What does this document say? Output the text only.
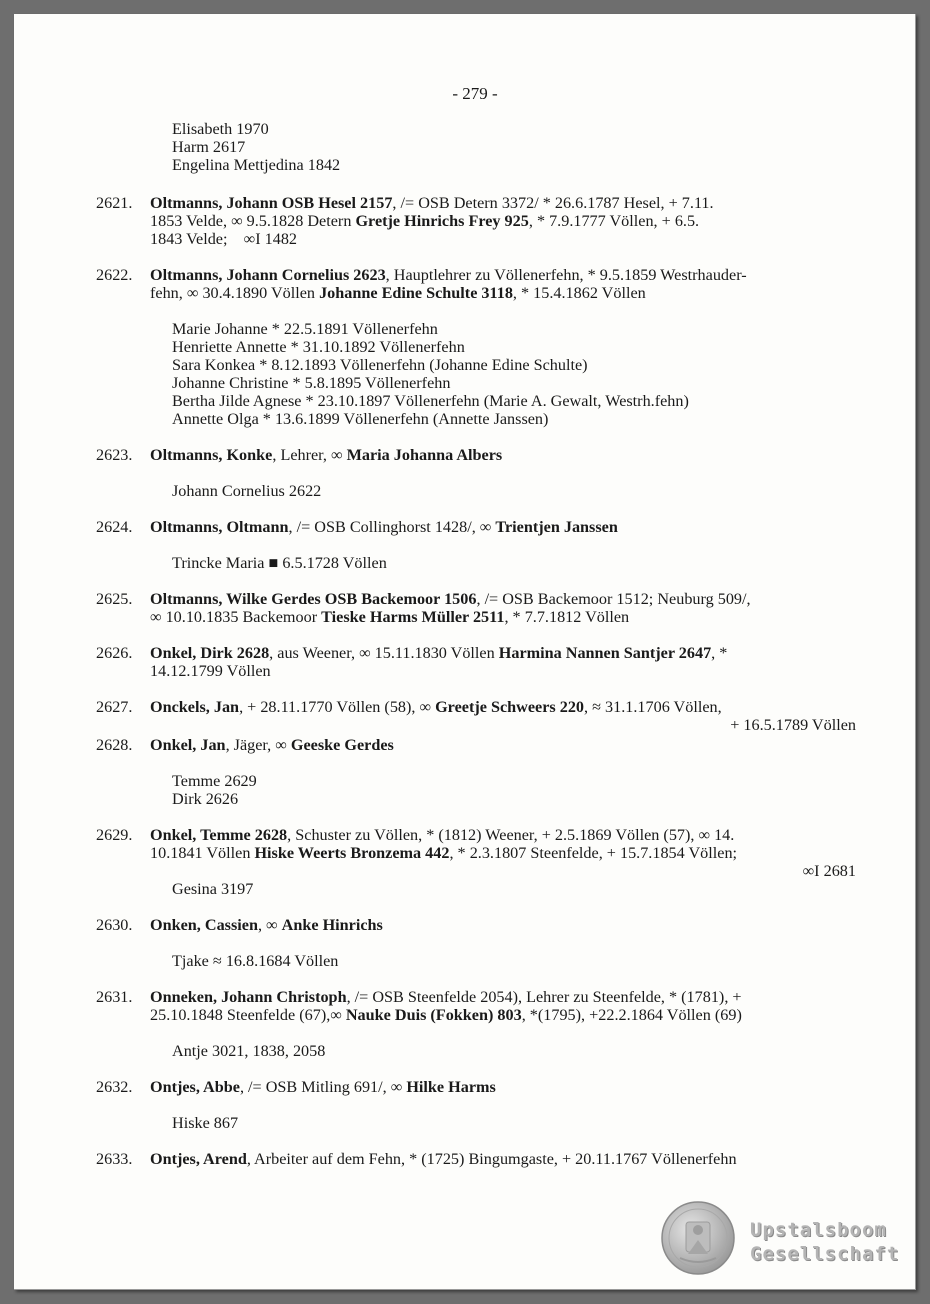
- 279 -
Elisabeth 1970
Harm 2617
Engelina Mettjedina 1842
2621. Oltmanns, Johann OSB Hesel 2157, /= OSB Detern 3372/ * 26.6.1787 Hesel, + 7.11.
1853 Velde, ∞ 9.5.1828 Detern Gretje Hinrichs Frey 925, * 7.9.1777 Völlen, + 6.5.
1843 Velde;    ∞I 1482
2622. Oltmanns, Johann Cornelius 2623, Hauptlehrer zu Völlenerfehn, * 9.5.1859 Westrhauder-
fehn, ∞ 30.4.1890 Völlen Johanne Edine Schulte 3118, * 15.4.1862 Völlen
Marie Johanne * 22.5.1891 Völlenerfehn
Henriette Annette * 31.10.1892 Völlenerfehn
Sara Konkea * 8.12.1893 Völlenerfehn (Johanne Edine Schulte)
Johanne Christine * 5.8.1895 Völlenerfehn
Bertha Jilde Agnese * 23.10.1897 Völlenerfehn (Marie A. Gewalt, Westrh.fehn)
Annette Olga * 13.6.1899 Völlenerfehn (Annette Janssen)
2623. Oltmanns, Konke, Lehrer, ∞ Maria Johanna Albers
Johann Cornelius 2622
2624. Oltmanns, Oltmann, /= OSB Collinghorst 1428/, ∞ Trientjen Janssen
Trincke Maria ■ 6.5.1728 Völlen
2625. Oltmanns, Wilke Gerdes OSB Backemoor 1506, /= OSB Backemoor 1512; Neuburg 509/,
∞ 10.10.1835 Backemoor Tieske Harms Müller 2511, * 7.7.1812 Völlen
2626. Onkel, Dirk 2628, aus Weener, ∞ 15.11.1830 Völlen Harmina Nannen Santjer 2647, *
14.12.1799 Völlen
2627. Onckels, Jan, + 28.11.1770 Völlen (58), ∞ Greetje Schweers 220, ≈ 31.1.1706 Völlen,
+ 16.5.1789 Völlen
2628. Onkel, Jan, Jäger, ∞ Geeske Gerdes
Temme 2629
Dirk 2626
2629. Onkel, Temme 2628, Schuster zu Völlen, * (1812) Weener, + 2.5.1869 Völlen (57), ∞ 14.
10.1841 Völlen Hiske Weerts Bronzema 442, * 2.3.1807 Steenfelde, + 15.7.1854 Völlen;
∞I 2681
Gesina 3197
2630. Onken, Cassien, ∞ Anke Hinrichs
Tjake ≈ 16.8.1684 Völlen
2631. Onneken, Johann Christoph, /= OSB Steenfelde 2054), Lehrer zu Steenfelde, * (1781), +
25.10.1848 Steenfelde (67),∞ Nauke Duis (Fokken) 803, *(1795), +22.2.1864 Völlen (69)
Antje 3021, 1838, 2058
2632. Ontjes, Abbe, /= OSB Mitling 691/, ∞ Hilke Harms
Hiske 867
2633. Ontjes, Arend, Arbeiter auf dem Fehn, * (1725) Bingumgaste, + 20.11.1767 Völlenerfehn
Upstalsboom
Gesellschaft
